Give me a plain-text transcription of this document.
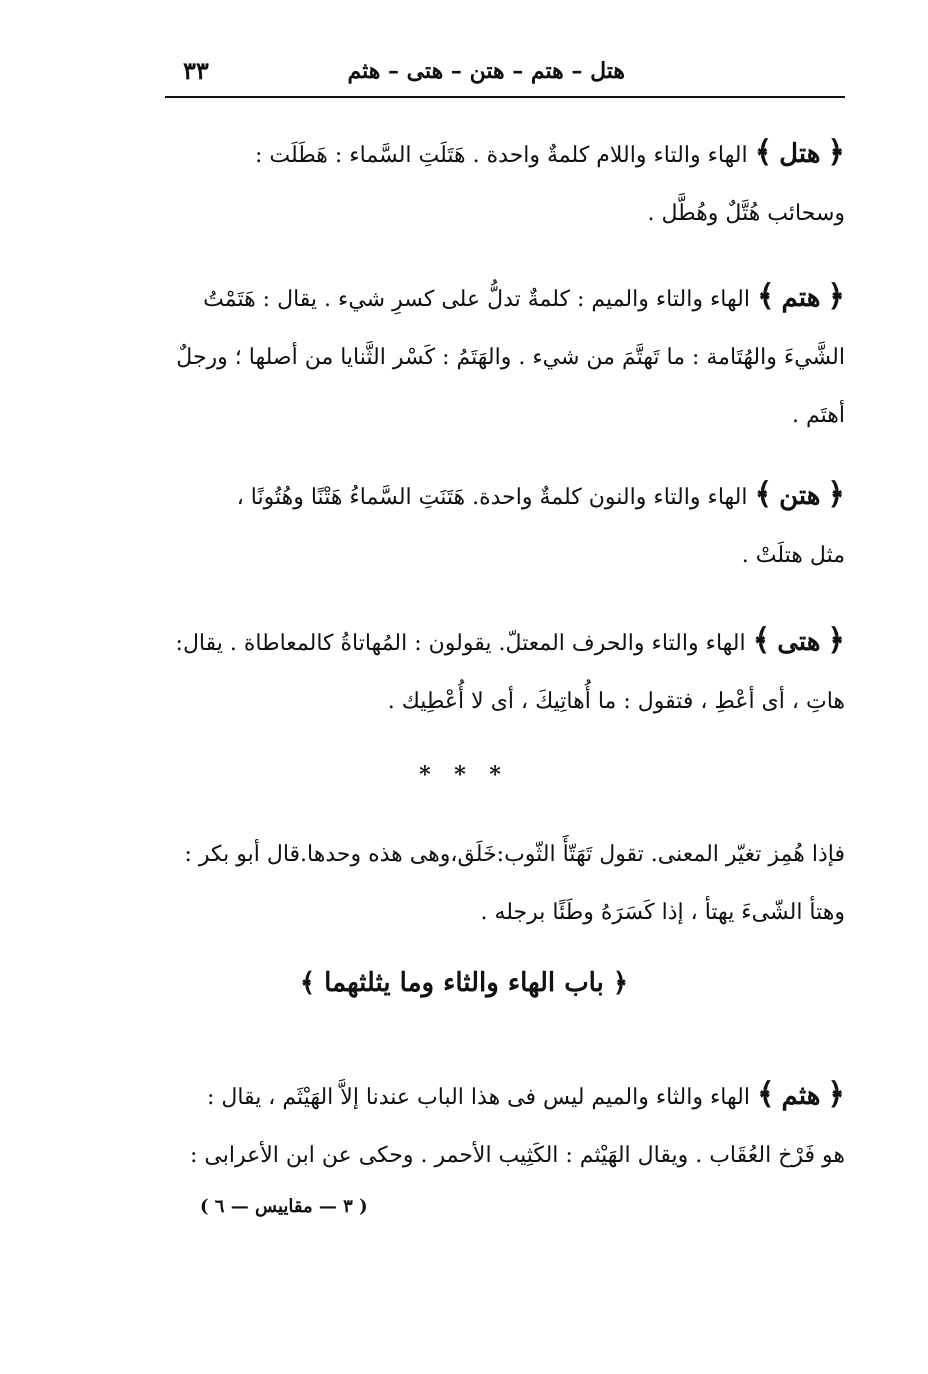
هتل – هتم – هتن – هتى – هثم
٣٣

﴿ هتل ﴾ الهاء والتاء واللام كلمةٌ واحدة . هَتَلَتِ السَّماء : هَطَلَت :

وسحائب هُتَّلٌ وهُطَّل .

﴿ هتم ﴾ الهاء والتاء والميم : كلمةٌ تدلُّ على كسرِ شيء . يقال : هَتَمْتُ

الشَّيءَ والهُتَامة : ما تَهتَّمَ من شيء . والهَتَمُ : كَسْر الثَّنايا من أصلها ؛ ورجلٌ

أهتَم .

﴿ هتن ﴾ الهاء والتاء والنون كلمةٌ واحدة. هَتَنَتِ السَّماءُ هَتْنًا وهُتُونًا ،

مثل هتلَتْ .

﴿ هتى ﴾ الهاء والتاء والحرف المعتلّ. يقولون : المُهاتاةُ كالمعاطاة . يقال:

هاتِ ، أى أعْطِ ، فتقول : ما أُهاتِيكَ ، أى لا أُعْطِيك .

* * *

فإذا هُمِز تغيّر المعنى. تقول تَهَتّأَ الثّوب:خَلَق،وهى هذه وحدها.قال أبو بكر :

وهتأ الشّىءَ يهتأ ، إذا كَسَرَهُ وطَئًا برجله .

﴿ باب الهاء والثاء وما يثلثهما ﴾

﴿ هثم ﴾ الهاء والثاء والميم ليس فى هذا الباب عندنا إلاَّ الهَيْثَم ، يقال :

هو فَرْخ العُقَاب . ويقال الهَيْثم : الكَثِيب الأحمر . وحكى عن ابن الأعرابى :

( ٣ — مقاييس — ٦ )
